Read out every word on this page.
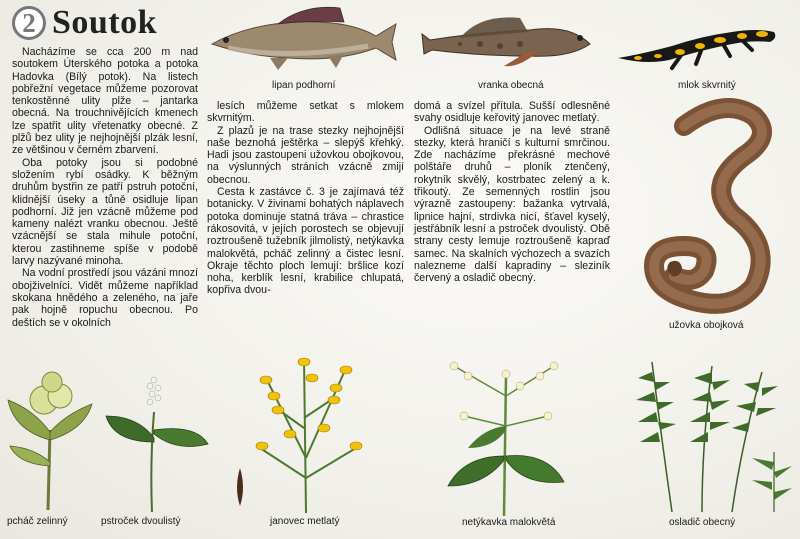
2 Soutok

Nacházíme se cca 200 m nad soutokem Úterského potoka a potoka Hadovka (Bílý potok). Na listech pobřežní vegetace můžeme pozorovat tenkostěnné ulity plže – jantarka obecná. Na trouchnivějících kmenech lze spatřit ulity vřetenatky obecné. Z plžů bez ulity je nejhojnější plzák lesní, ze většinou v černém zbarvení.

Oba potoky jsou si podobné složením rybí osádky. K běžným druhům bystřin ze patří pstruh potoční, klidnější úseky a tůně osidluje lipan podhorní. Již jen vzácně můžeme pod kameny nalézt vranku obecnou. Ještě vzácnější se stala mihule potoční, kterou zastihneme spíše v podobě larvy nazývané minoha.

Na vodní prostředí jsou vázáni mnozí obojživelníci. Vidět můžeme například skokana hnědého a zeleného, na jaře pak hojně ropuchu obecnou. Po deštích se v okolních

lesích můžeme setkat s mlokem skvrnitým.

Z plazů je na trase stezky nejhojnější naše beznohá ještěrka – slepýš křehký. Hadi jsou zastoupeni užovkou obojkovou, na výslunných stráních vzácně zmijí obecnou.

Cesta k zastávce č. 3 je zajímavá též botanicky. V živinami bohatých náplavech potoka dominuje statná tráva – chrastice rákosovitá, v jejích porostech se objevují roztroušeně tužebník jilmolistý, netýkavka malokvětá, pcháč zelinný a čistec lesní. Okraje těchto ploch lemují: bršlice kozí noha, kerblík lesní, krabilice chlupatá, kopřiva dvou-

domá a svízel přítula. Sušší odlesněné svahy osidluje keřovitý janovec metlatý.

Odlišná situace je na levé straně stezky, která hraničí s kulturní smrčinou. Zde nacházíme překrásné mechové polštáře druhů – ploník ztenčený, rokytník skvělý, kostrbatec zelený a k. třikoutý. Ze semenných rostlin jsou výrazně zastoupeny: bažanka vytrvalá, lipnice hajní, strdivka nicí, šťavel kyselý, jestřábník lesní a pstroček dvoulistý. Obě strany cesty lemuje roztroušeně kapraď samec. Na skalních výchozech a svazích nalezneme další kapradiny – sleziník červený a osladič obecný.

lipan podhorní	vranka obecná	mlok skvrnitý
užovka obojková
pcháč zelinný	pstroček dvoulistý	janovec metlatý	netýkavka malokvětá	osladič obecný
